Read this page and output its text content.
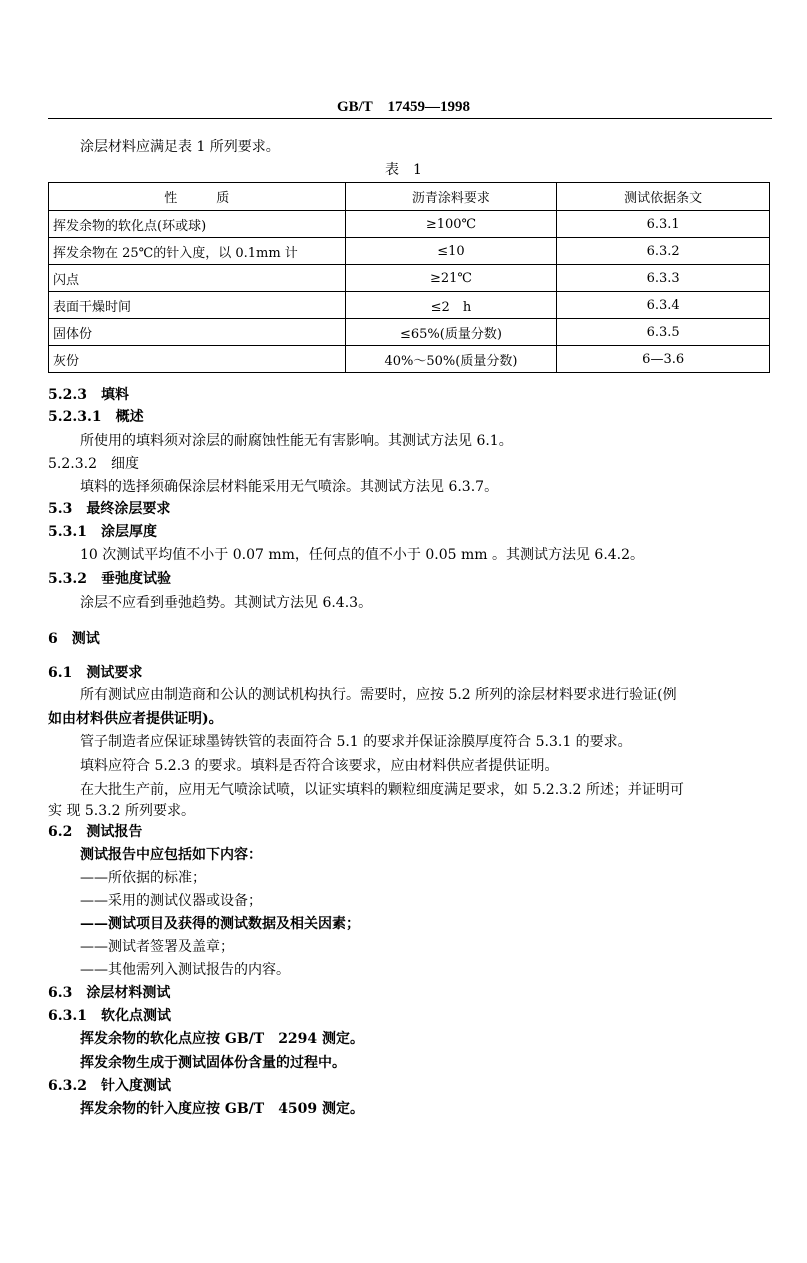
GB/T　17459—1998
涂层材料应满足表 1 所列要求。
表　1
性　　　质	沥青涂料要求	测试依据条文
挥发余物的软化点(环或球)	≥100℃	6.3.1
挥发余物在 25℃的针入度，以 0.1mm 计	≤10	6.3.2
闪点	≥21℃	6.3.3
表面干燥时间	≤2　h	6.3.4
固体份	≤65%(质量分数)	6.3.5
灰份	40%～50%(质量分数)	6—3.6
5.2.3　填料
5.2.3.1　概述
所使用的填料须对涂层的耐腐蚀性能无有害影响。其测试方法见 6.1。
5.2.3.2　细度
填料的选择须确保涂层材料能采用无气喷涂。其测试方法见 6.3.7。
5.3　最终涂层要求
5.3.1　涂层厚度
10 次测试平均值不小于 0.07 mm，任何点的值不小于 0.05 mm 。其测试方法见 6.4.2。
5.3.2　垂弛度试验
涂层不应看到垂弛趋势。其测试方法见 6.4.3。
6　测试
6.1　测试要求
所有测试应由制造商和公认的测试机构执行。需要时，应按 5.2 所列的涂层材料要求进行验证(例
如由材料供应者提供证明)。
管子制造者应保证球墨铸铁管的表面符合 5.1 的要求并保证涂膜厚度符合 5.3.1 的要求。
填料应符合 5.2.3 的要求。填料是否符合该要求，应由材料供应者提供证明。
在大批生产前，应用无气喷涂试喷，以证实填料的颗粒细度满足要求，如 5.2.3.2 所述；并证明可
实 现 5.3.2 所列要求。
6.2　测试报告
测试报告中应包括如下内容：
——所依据的标准；
——采用的测试仪器或设备；
——测试项目及获得的测试数据及相关因素；
——测试者签署及盖章；
——其他需列入测试报告的内容。
6.3　涂层材料测试
6.3.1　软化点测试
挥发余物的软化点应按 GB/T　2294 测定。
挥发余物生成于测试固体份含量的过程中。
6.3.2　针入度测试
挥发余物的针入度应按 GB/T　4509 测定。
